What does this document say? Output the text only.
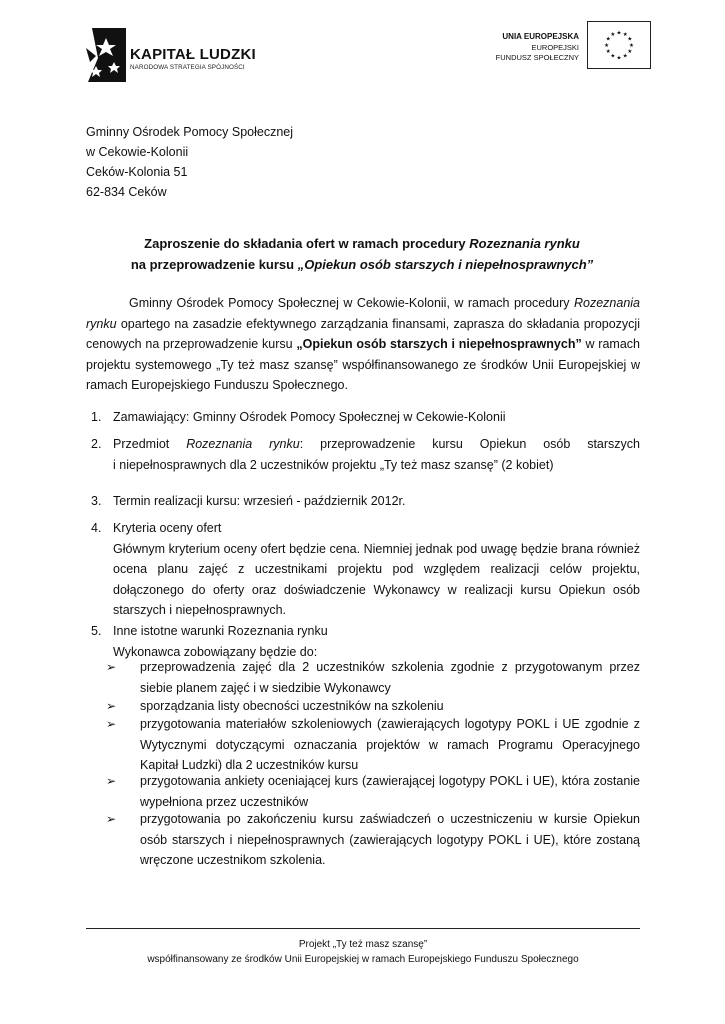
KAPITAŁ LUDZKI
NARODOWA STRATEGIA SPÓJNOŚCI
UNIA EUROPEJSKA
EUROPEJSKI
FUNDUSZ SPOŁECZNY
★ ★
★
★
★
★
★
★
★
★
★
★
Gminny Ośrodek Pomocy Społecznej
w Cekowie-Kolonii
Ceków-Kolonia 51
62-834 Ceków
Zaproszenie do składania ofert w ramach procedury Rozeznania rynku
na przeprowadzenie kursu „Opiekun osób starszych i niepełnosprawnych”
Gminny Ośrodek Pomocy Społecznej w Cekowie-Kolonii, w ramach procedury Rozeznania rynku opartego na zasadzie efektywnego zarządzania finansami, zaprasza do składania propozycji cenowych na przeprowadzenie kursu „Opiekun osób starszych i niepełnosprawnych” w ramach projektu systemowego „Ty też masz szansę” współfinansowanego ze środków Unii Europejskiej w ramach Europejskiego Funduszu Społecznego.
1. Zamawiający: Gminny Ośrodek Pomocy Społecznej w Cekowie-Kolonii
2. Przedmiot Rozeznania rynku: przeprowadzenie kursu Opiekun osób starszych
i niepełnosprawnych dla 2 uczestników projektu „Ty też masz szansę” (2 kobiet)
3. Termin realizacji kursu: wrzesień - październik 2012r.
4. Kryteria oceny ofert
Głównym kryterium oceny ofert będzie cena. Niemniej jednak pod uwagę będzie brana również ocena planu zajęć z uczestnikami projektu pod względem realizacji celów projektu, dołączonego do oferty oraz doświadczenie Wykonawcy w realizacji kursu Opiekun osób starszych i niepełnosprawnych.
5. Inne istotne warunki Rozeznania rynku
Wykonawca zobowiązany będzie do:
➢ przeprowadzenia zajęć dla 2 uczestników szkolenia zgodnie z przygotowanym przez siebie planem zajęć i w siedzibie Wykonawcy
➢ sporządzania listy obecności uczestników na szkoleniu
➢ przygotowania materiałów szkoleniowych (zawierających logotypy POKL i UE zgodnie z Wytycznymi dotyczącymi oznaczania projektów w ramach Programu Operacyjnego Kapitał Ludzki) dla 2 uczestników kursu
➢ przygotowania ankiety oceniającej kurs (zawierającej logotypy POKL i UE), która zostanie wypełniona przez uczestników
➢ przygotowania po zakończeniu kursu zaświadczeń o uczestniczeniu w kursie Opiekun osób starszych i niepełnosprawnych (zawierających logotypy POKL i UE), które zostaną wręczone uczestnikom szkolenia.
Projekt „Ty też masz szansę”
współfinansowany ze środków Unii Europejskiej w ramach Europejskiego Funduszu Społecznego
